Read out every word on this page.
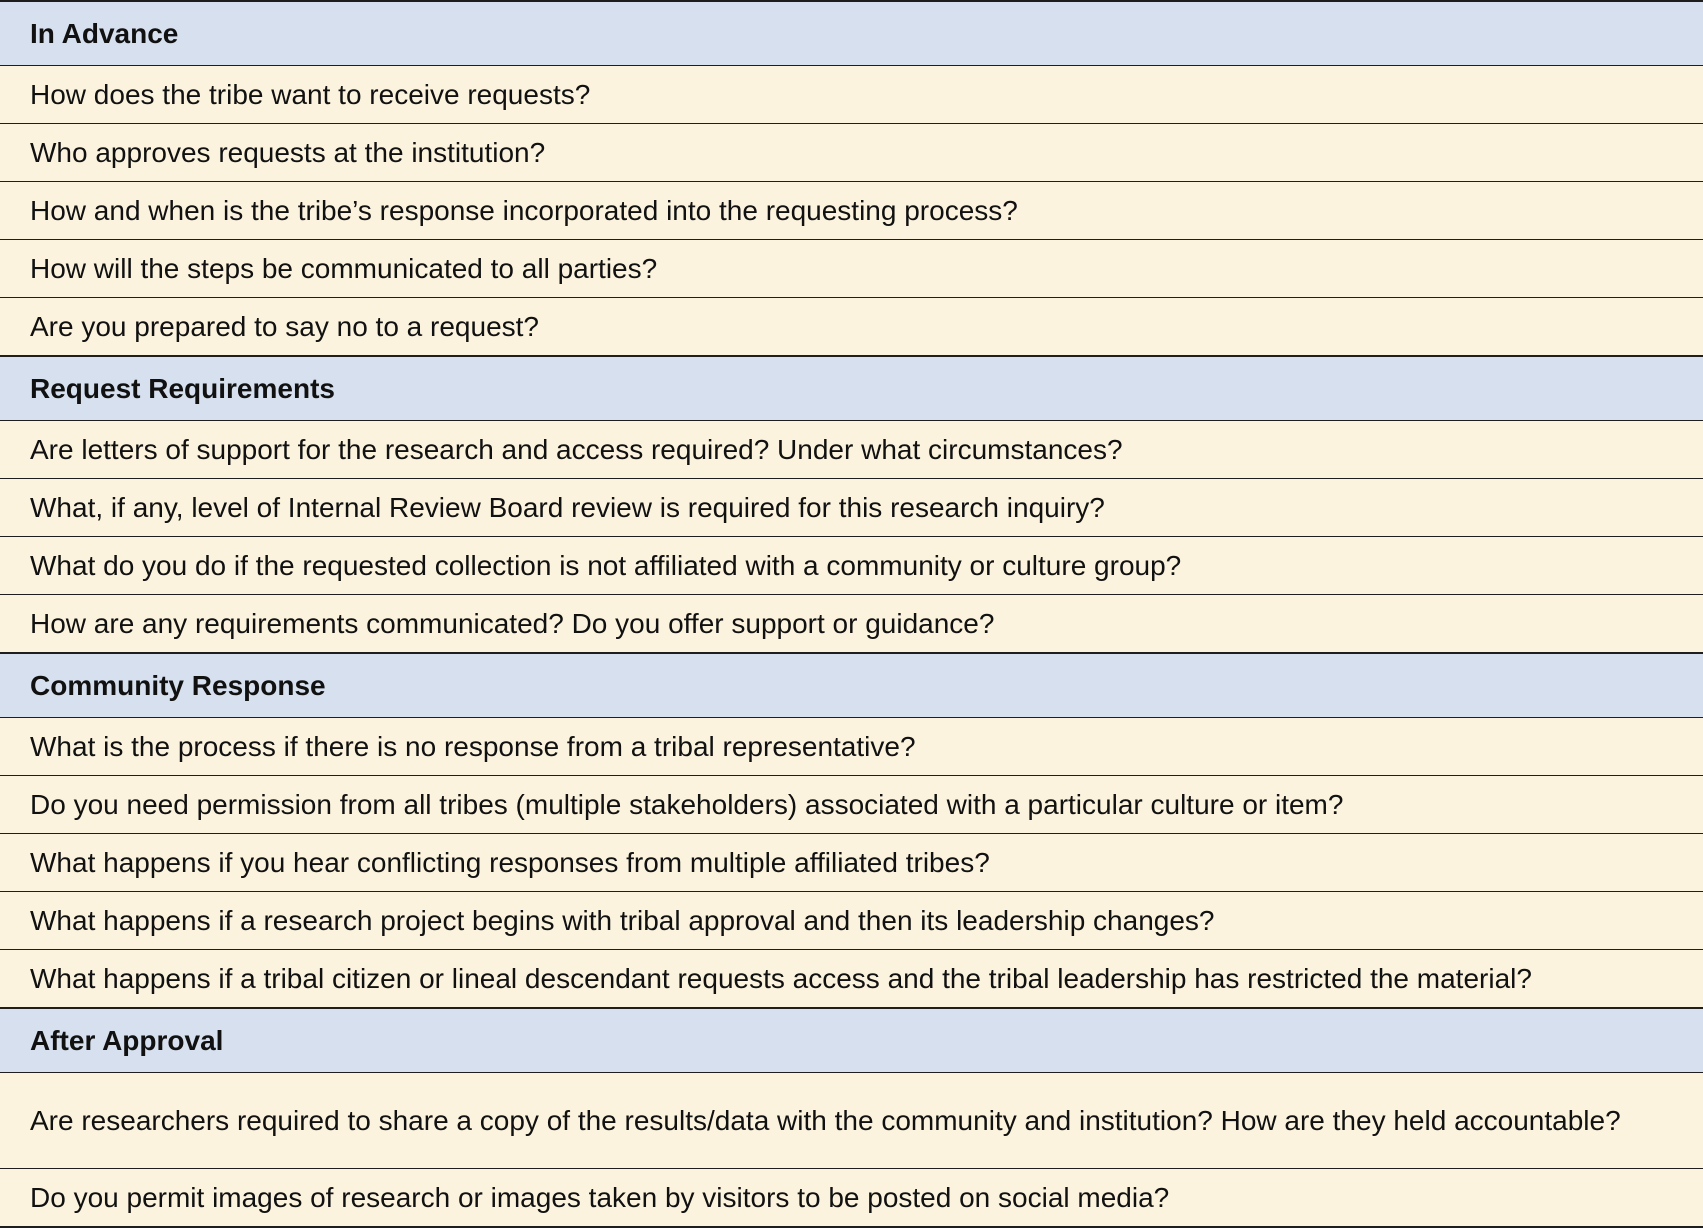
In Advance
How does the tribe want to receive requests?
Who approves requests at the institution?
How and when is the tribe’s response incorporated into the requesting process?
How will the steps be communicated to all parties?
Are you prepared to say no to a request?
Request Requirements
Are letters of support for the research and access required? Under what circumstances?
What, if any, level of Internal Review Board review is required for this research inquiry?
What do you do if the requested collection is not affiliated with a community or culture group?
How are any requirements communicated? Do you offer support or guidance?
Community Response
What is the process if there is no response from a tribal representative?
Do you need permission from all tribes (multiple stakeholders) associated with a particular culture or item?
What happens if you hear conflicting responses from multiple affiliated tribes?
What happens if a research project begins with tribal approval and then its leadership changes?
What happens if a tribal citizen or lineal descendant requests access and the tribal leadership has restricted the material?
After Approval
Are researchers required to share a copy of the results/data with the community and institution? How are they held accountable?
Do you permit images of research or images taken by visitors to be posted on social media?
